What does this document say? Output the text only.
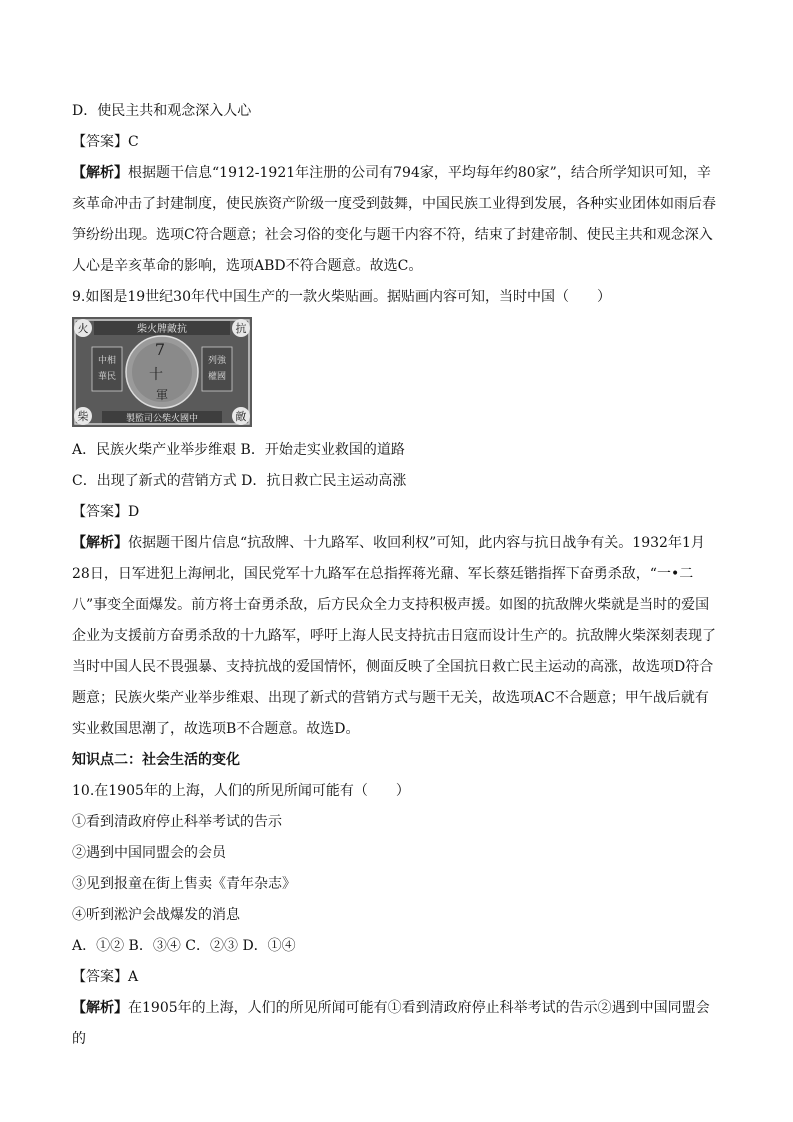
D．使民主共和观念深入人心

【答案】C

【解析】根据题干信息“1912-1921年注册的公司有794家，平均每年约80家”，结合所学知识可知，辛亥革命冲击了封建制度，使民族资产阶级一度受到鼓舞，中国民族工业得到发展，各种实业团体如雨后春笋纷纷出现。选项C符合题意；社会习俗的变化与题干内容不符，结束了封建帝制、使民主共和观念深入人心是辛亥革命的影响，选项ABD不符合题意。故选C。

9.如图是19世纪30年代中国生产的一款火柴贴画。据贴画内容可知，当时中国（　　）

柴火牌敵抗
火	抗
柴	敵
中相
華民
列強
權國
7
十
軍
製監司公柴火國中

A．民族火柴产业举步维艰 B．开始走实业救国的道路

C．出现了新式的营销方式 D．抗日救亡民主运动高涨

【答案】D

【解析】依据题干图片信息“抗敌牌、十九路军、收回利权”可知，此内容与抗日战争有关。1932年1月28日，日军进犯上海闸北，国民党军十九路军在总指挥蒋光鼐、军长蔡廷锴指挥下奋勇杀敌，“一•二八”事变全面爆发。前方将士奋勇杀敌，后方民众全力支持积极声援。如图的抗敌牌火柴就是当时的爱国企业为支援前方奋勇杀敌的十九路军，呼吁上海人民支持抗击日寇而设计生产的。抗敌牌火柴深刻表现了当时中国人民不畏强暴、支持抗战的爱国情怀，侧面反映了全国抗日救亡民主运动的高涨，故选项D符合题意；民族火柴产业举步维艰、出现了新式的营销方式与题干无关，故选项AC不合题意；甲午战后就有实业救国思潮了，故选项B不合题意。故选D。

知识点二：社会生活的变化

10.在1905年的上海，人们的所见所闻可能有（　　）

①看到清政府停止科举考试的告示

②遇到中国同盟会的会员

③见到报童在街上售卖《青年杂志》

④听到淞沪会战爆发的消息

A．①② B．③④ C．②③ D．①④

【答案】A

【解析】在1905年的上海，人们的所见所闻可能有①看到清政府停止科举考试的告示②遇到中国同盟会的
